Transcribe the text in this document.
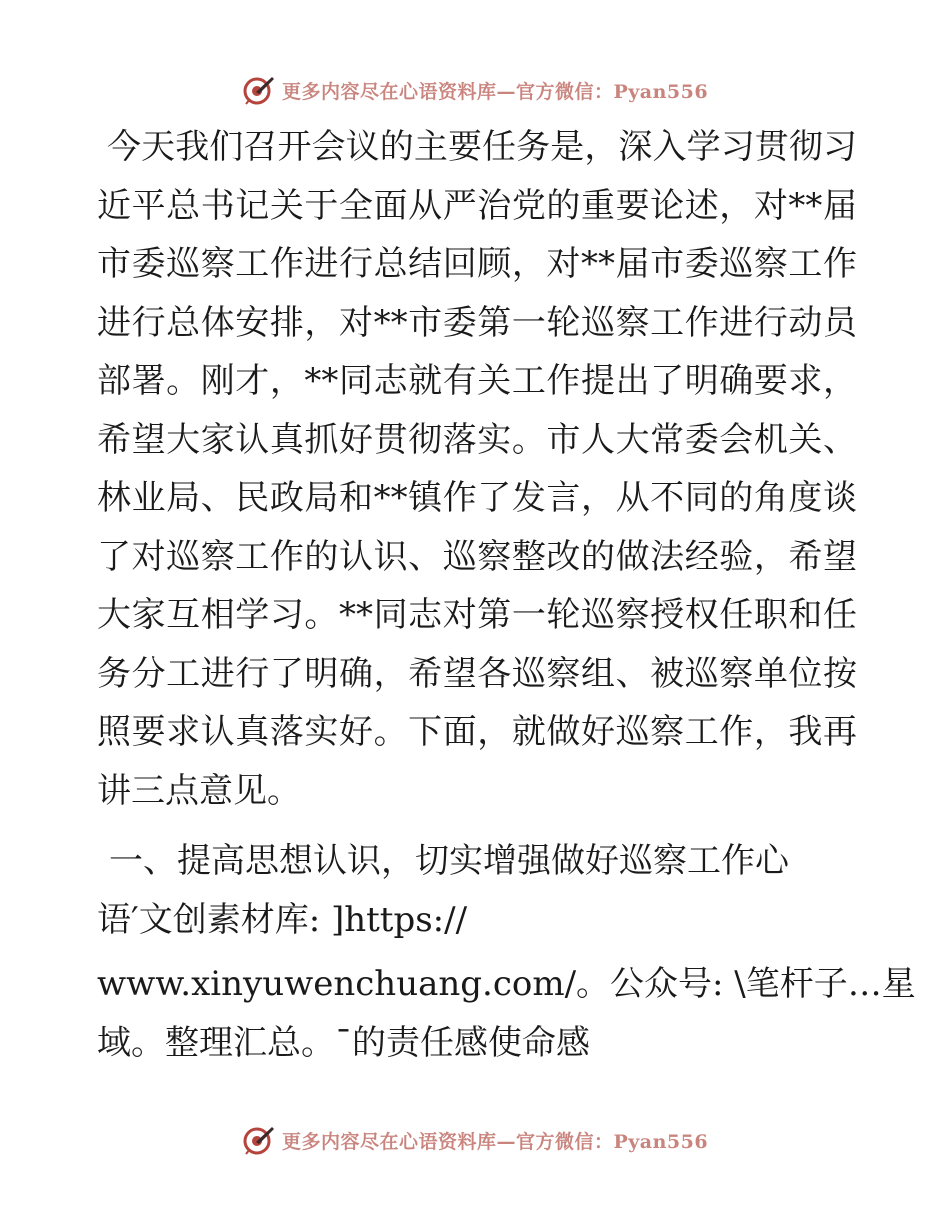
更多内容尽在心语资料库—官方微信：Pyan556

今天我们召开会议的主要任务是，深入学习贯彻习近平总书记关于全面从严治党的重要论述，对**届市委巡察工作进行总结回顾，对**届市委巡察工作进行总体安排，对**市委第一轮巡察工作进行动员部署。刚才，**同志就有关工作提出了明确要求，希望大家认真抓好贯彻落实。市人大常委会机关、林业局、民政局和**镇作了发言，从不同的角度谈了对巡察工作的认识、巡察整改的做法经验，希望大家互相学习。**同志对第一轮巡察授权任职和任务分工进行了明确，希望各巡察组、被巡察单位按照要求认真落实好。下面，就做好巡察工作，我再讲三点意见。

一、提高思想认识，切实增强做好巡察工作心

语′文创素材库: ]https://

www.xinyuwenchuang.com/。公众号: \笔杆子…星

域。整理汇总。¯的责任感使命感

更多内容尽在心语资料库—官方微信：Pyan556
